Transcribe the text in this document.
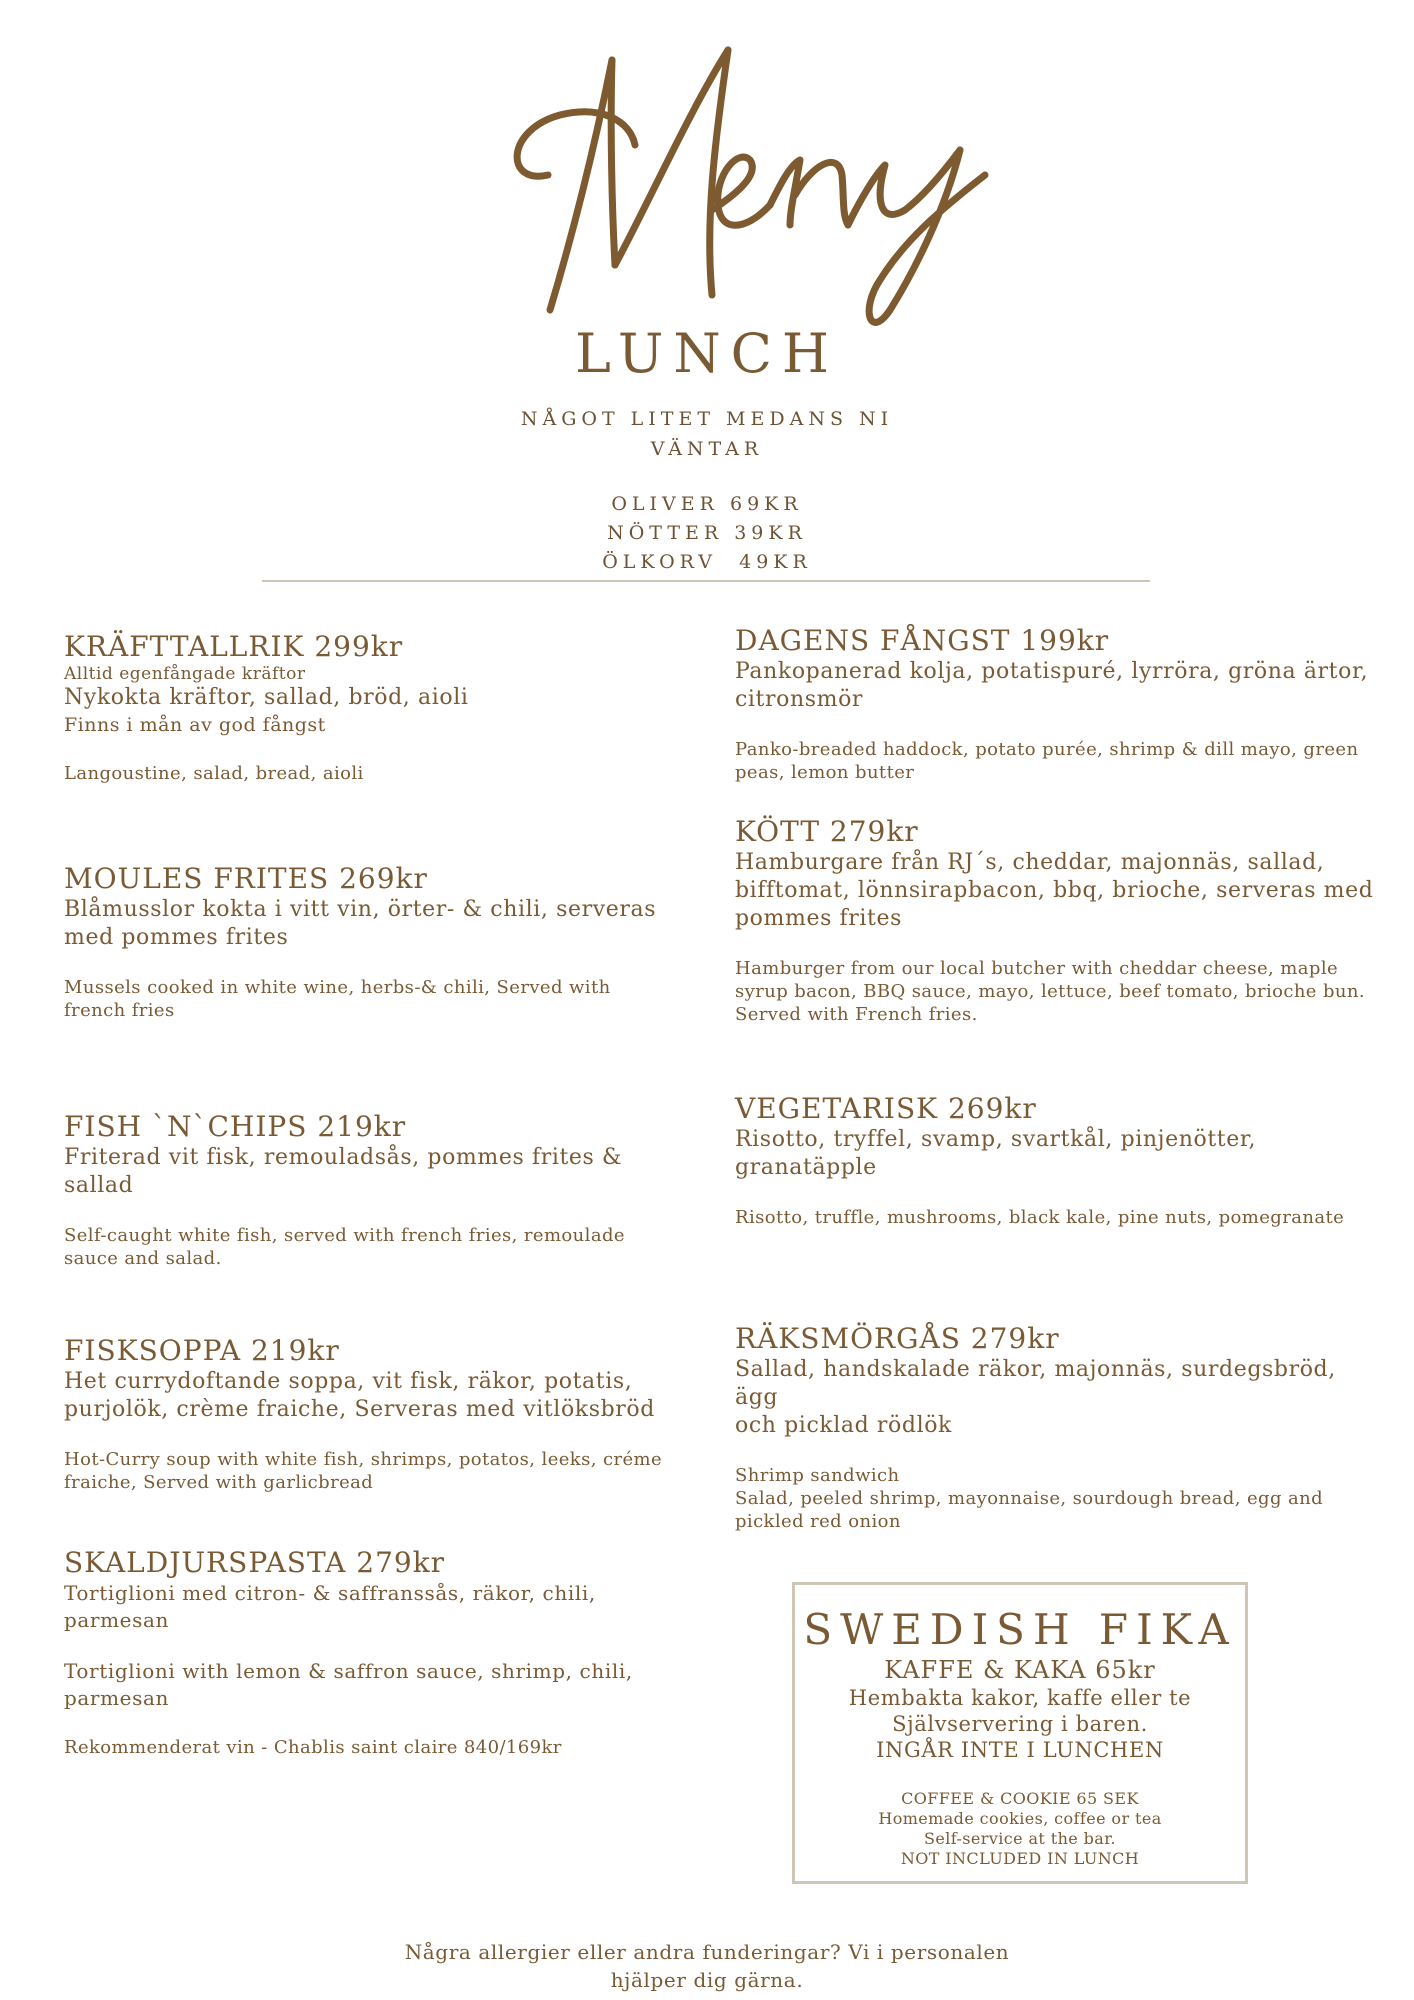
LUNCH
NÅGOT LITET MEDANS NI
VÄNTAR
OLIVER 69KR
NÖTTER 39KR
ÖLKORV  49KR
KRÄFTTALLRIK 299kr
Alltid egenfångade kräftor
Nykokta kräftor, sallad, bröd, aioli
Finns i mån av god fångst
Langoustine, salad, bread, aioli
MOULES FRITES 269kr
Blåmusslor kokta i vitt vin, örter- & chili, serveras
med pommes frites
Mussels cooked in white wine, herbs-& chili, Served with
french fries
FISH `N`CHIPS 219kr
Friterad vit fisk, remouladsås, pommes frites &
sallad
Self-caught white fish, served with french fries, remoulade
sauce and salad.
FISKSOPPA 219kr
Het currydoftande soppa, vit fisk, räkor, potatis,
purjolök, crème fraiche, Serveras med vitlöksbröd
Hot-Curry soup with white fish, shrimps, potatos, leeks, créme
fraiche, Served with garlicbread
SKALDJURSPASTA 279kr
Tortiglioni med citron- & saffranssås, räkor, chili,
parmesan
Tortiglioni with lemon & saffron sauce, shrimp, chili,
parmesan
Rekommenderat vin - Chablis saint claire 840/169kr
DAGENS FÅNGST 199kr
Pankopanerad kolja, potatispuré, lyrröra, gröna ärtor,
citronsmör
Panko-breaded haddock, potato purée, shrimp & dill mayo, green
peas, lemon butter
KÖTT 279kr
Hamburgare från RJ´s, cheddar, majonnäs, sallad,
bifftomat, lönnsirapbacon, bbq, brioche, serveras med
pommes frites
Hamburger from our local butcher with cheddar cheese, maple
syrup bacon, BBQ sauce, mayo, lettuce, beef tomato, brioche bun.
Served with French fries.
VEGETARISK 269kr
Risotto, tryffel, svamp, svartkål, pinjenötter,
granatäpple
Risotto, truffle, mushrooms, black kale, pine nuts, pomegranate
RÄKSMÖRGÅS 279kr
Sallad, handskalade räkor, majonnäs, surdegsbröd, ägg
och picklad rödlök
Shrimp sandwich
Salad, peeled shrimp, mayonnaise, sourdough bread, egg and
pickled red onion
SWEDISH FIKA
KAFFE & KAKA 65kr
Hembakta kakor, kaffe eller te
Självservering i baren.
INGÅR INTE I LUNCHEN
COFFEE & COOKIE 65 SEK
Homemade cookies, coffee or tea
Self-service at the bar.
NOT INCLUDED IN LUNCH
Några allergier eller andra funderingar? Vi i personalen
hjälper dig gärna.
